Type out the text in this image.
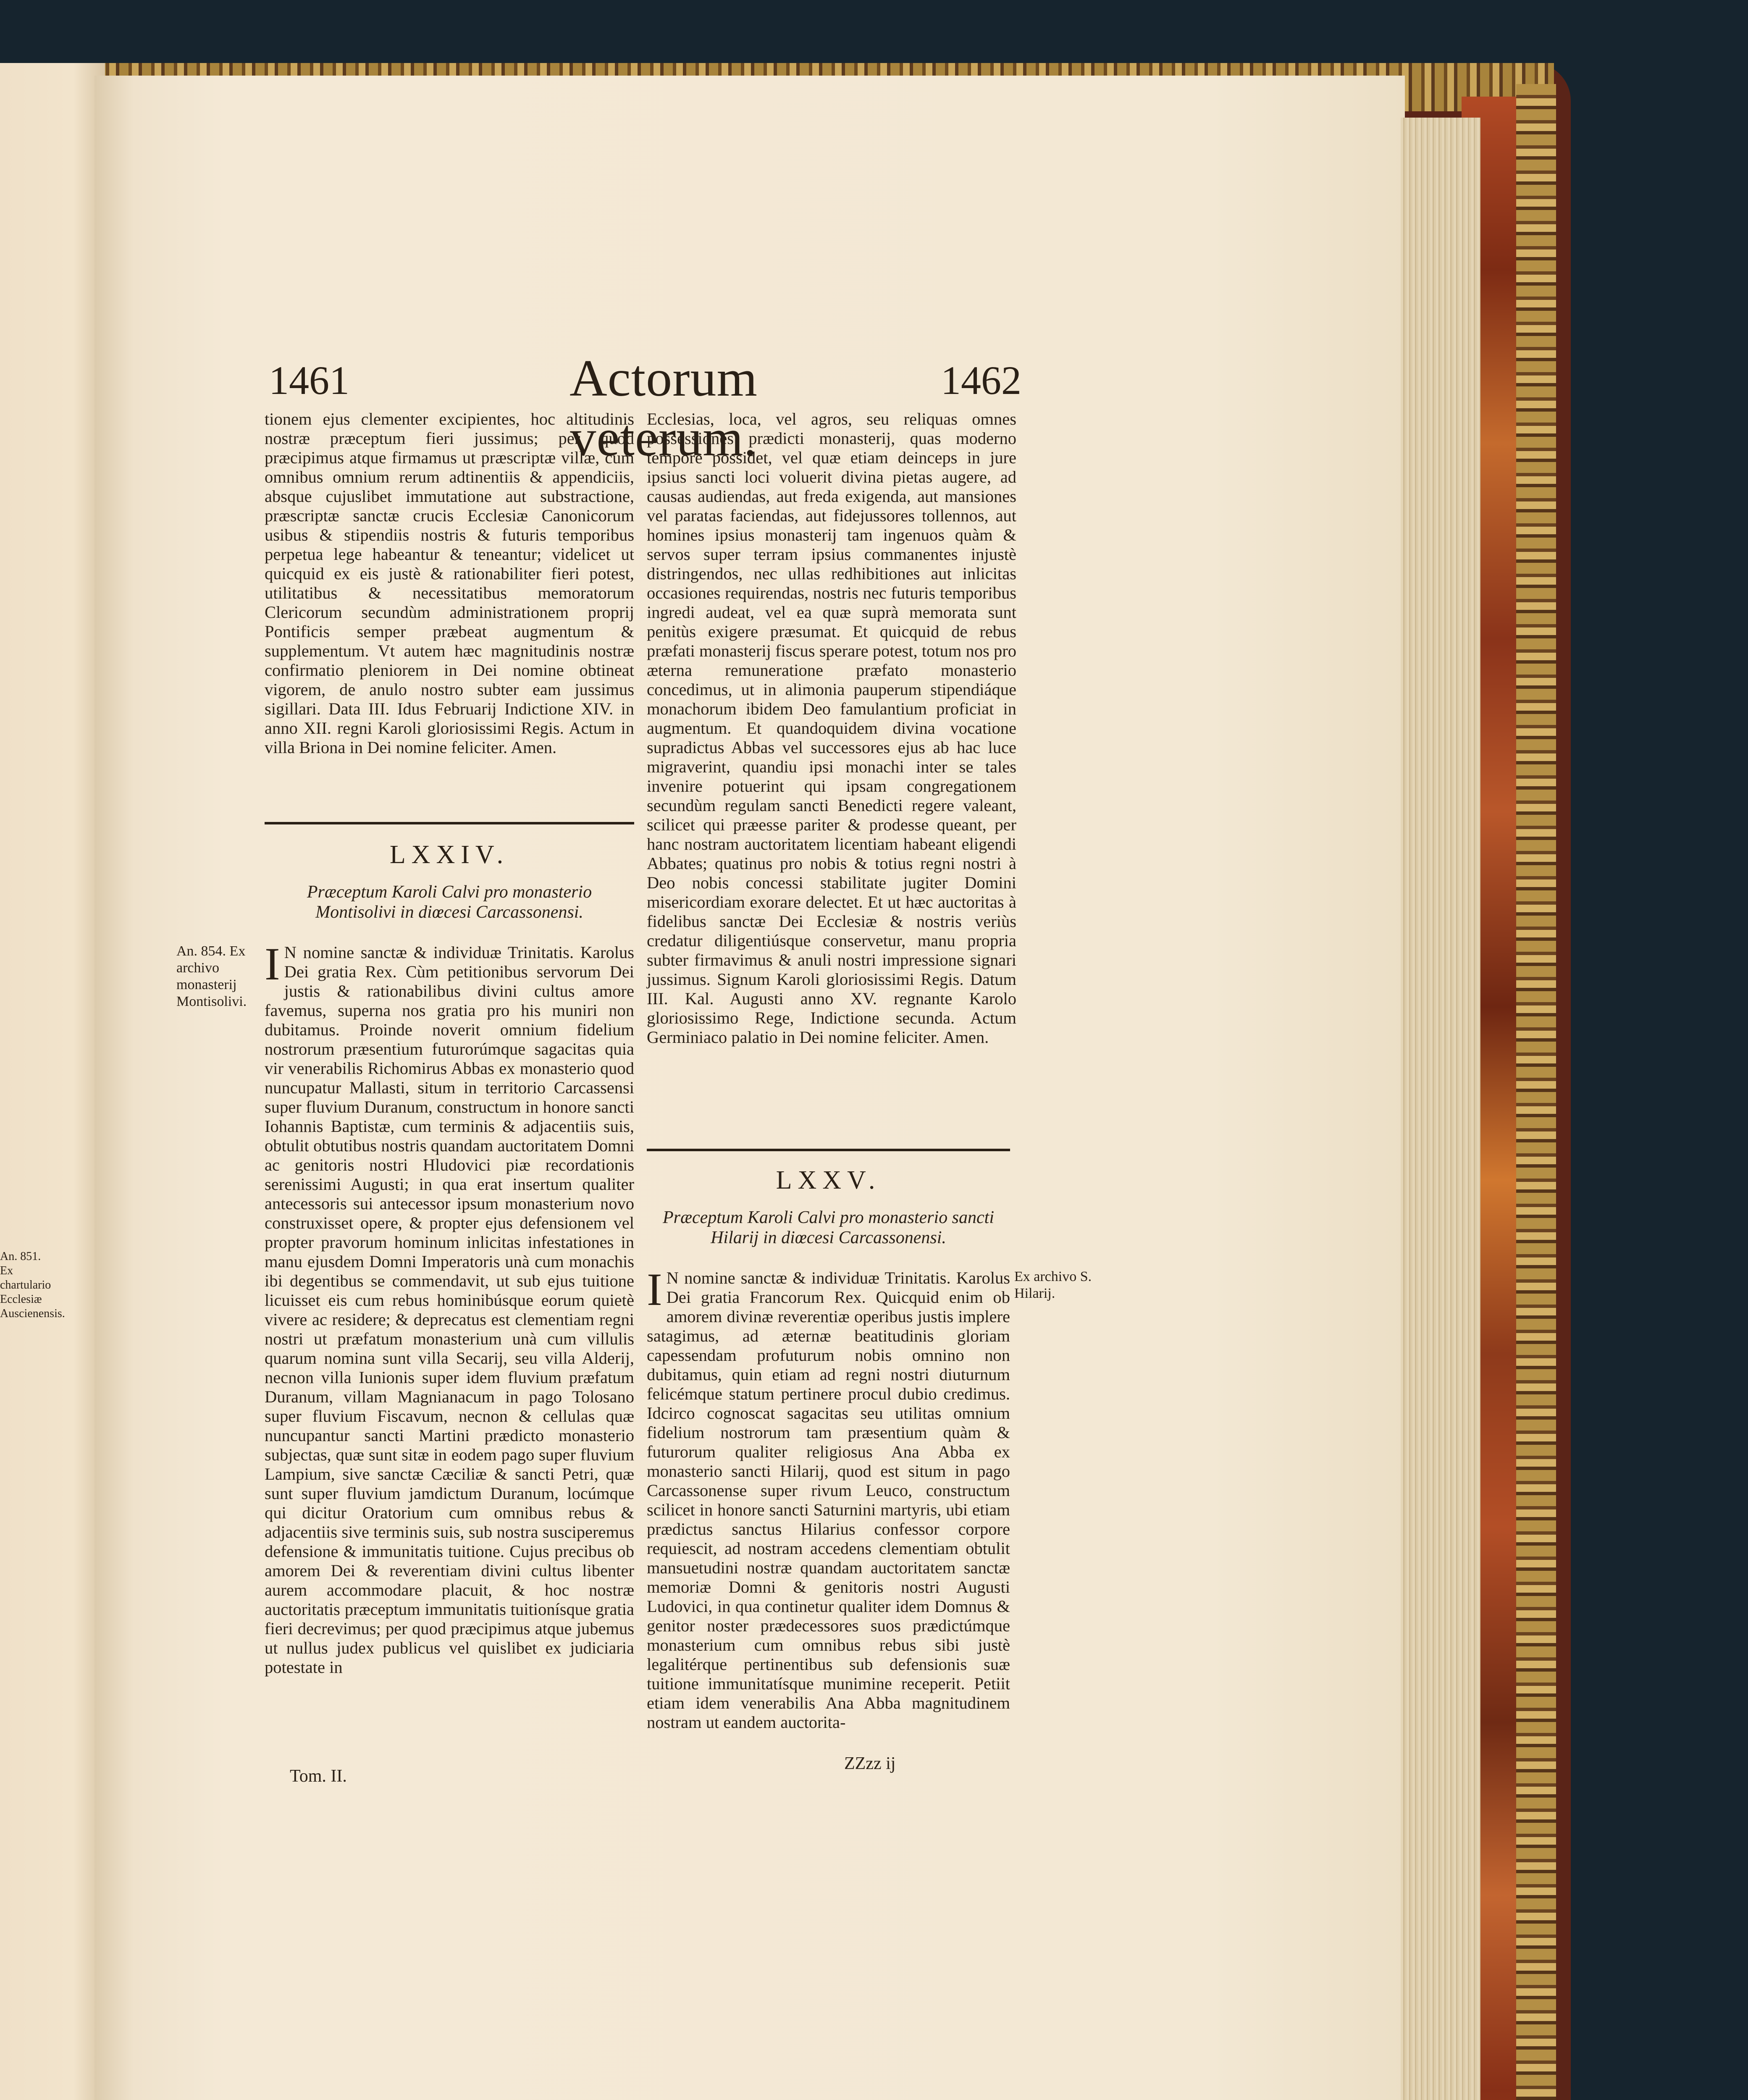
An. 851. Ex chartulario Ecclesiæ Auscienensis.
1461	Actorum veterum.
1462

tionem ejus clementer excipientes, hoc altitudinis nostræ præceptum fieri jussimus; per quod præcipimus atque firmamus ut præscriptæ villæ, cum omnibus omnium rerum adtinentiis & appendiciis, absque cujuslibet immutatione aut substractione, præscriptæ sanctæ crucis Ecclesiæ Canonicorum usibus & stipendiis nostris & futuris temporibus perpetua lege habeantur & teneantur; videlicet ut quicquid ex eis justè & rationabiliter fieri potest, utilitatibus & necessitatibus memoratorum Clericorum secundùm administrationem proprij Pontificis semper præbeat augmentum & supplementum. Vt autem hæc magnitudinis nostræ confirmatio pleniorem in Dei nomine obtineat vigorem, de anulo nostro subter eam jussimus sigillari. Data III. Idus Februarij Indictione XIV. in anno XII. regni Karoli gloriosissimi Regis. Actum in villa Briona in Dei nomine feliciter. Amen.

LXXIV.
Præceptum Karoli Calvi pro monasterio Montisolivi in diœcesi Carcassonensi.
An. 854. Ex archivo monasterij Montisolivi.

I N nomine sanctæ & individuæ Trinitatis. Karolus Dei gratia Rex. Cùm petitionibus servorum Dei justis & rationabilibus divini cultus amore favemus, superna nos gratia pro his muniri non dubitamus. Proinde noverit omnium fidelium nostrorum præsentium futurorúmque sagacitas quia vir venerabilis Richomirus Abbas ex monasterio quod nuncupatur Mallasti, situm in territorio Carcassensi super fluvium Duranum, constructum in honore sancti Iohannis Baptistæ, cum terminis & adjacentiis suis, obtulit obtutibus nostris quandam auctoritatem Domni ac genitoris nostri Hludovici piæ recordationis serenissimi Augusti; in qua erat insertum qualiter antecessoris sui antecessor ipsum monasterium novo construxisset opere, & propter ejus defensionem vel propter pravorum hominum inlicitas infestationes in manu ejusdem Domni Imperatoris unà cum monachis ibi degentibus se commendavit, ut sub ejus tuitione licuisset eis cum rebus hominibúsque eorum quietè vivere ac residere; & deprecatus est clementiam regni nostri ut præfatum monasterium unà cum villulis quarum nomina sunt villa Secarij, seu villa Alderij, necnon villa Iunionis super idem fluvium præfatum Duranum, villam Magnianacum in pago Tolosano super fluvium Fiscavum, necnon & cellulas quæ nuncupantur sancti Martini prædicto monasterio subjectas, quæ sunt sitæ in eodem pago super fluvium Lampium, sive sanctæ Cæciliæ & sancti Petri, quæ sunt super fluvium jamdictum Duranum, locúmque qui dicitur Oratorium cum omnibus rebus & adjacentiis sive terminis suis, sub nostra susciperemus defensione & immunitatis tuitione. Cujus precibus ob amorem Dei & reverentiam divini cultus libenter aurem accommodare placuit, & hoc nostræ auctoritatis præceptum immunitatis tuitionísque gratia fieri decrevimus; per quod præcipimus atque jubemus ut nullus judex publicus vel quislibet ex judiciaria potestate in

Tom. II.

Ecclesias, loca, vel agros, seu reliquas omnes possessiones prædicti monasterij, quas moderno tempore possidet, vel quæ etiam deinceps in jure ipsius sancti loci voluerit divina pietas augere, ad causas audiendas, aut freda exigenda, aut mansiones vel paratas faciendas, aut fidejussores tollennos, aut homines ipsius monasterij tam ingenuos quàm & servos super terram ipsius commanentes injustè distringendos, nec ullas redhibitiones aut inlicitas occasiones requirendas, nostris nec futuris temporibus ingredi audeat, vel ea quæ suprà memorata sunt penitùs exigere præsumat. Et quicquid de rebus præfati monasterij fiscus sperare potest, totum nos pro æterna remuneratione præfato monasterio concedimus, ut in alimonia pauperum stipendiáque monachorum ibidem Deo famulantium proficiat in augmentum. Et quandoquidem divina vocatione supradictus Abbas vel successores ejus ab hac luce migraverint, quandiu ipsi monachi inter se tales invenire potuerint qui ipsam congregationem secundùm regulam sancti Benedicti regere valeant, scilicet qui præesse pariter & prodesse queant, per hanc nostram auctoritatem licentiam habeant eligendi Abbates; quatinus pro nobis & totius regni nostri à Deo nobis concessi stabilitate jugiter Domini misericordiam exorare delectet. Et ut hæc auctoritas à fidelibus sanctæ Dei Ecclesiæ & nostris veriùs credatur diligentiúsque conservetur, manu propria subter firmavimus & anuli nostri impressione signari jussimus. Signum Karoli gloriosissimi Regis. Datum III. Kal. Augusti anno XV. regnante Karolo gloriosissimo Rege, Indictione secunda. Actum Germiniaco palatio in Dei nomine feliciter. Amen.

LXXV.
Præceptum Karoli Calvi pro monasterio sancti Hilarij in diœcesi Carcassonensi.
Ex archivo S. Hilarij.

I N nomine sanctæ & individuæ Trinitatis. Karolus Dei gratia Francorum Rex. Quicquid enim ob amorem divinæ reverentiæ operibus justis implere satagimus, ad æternæ beatitudinis gloriam capessendam profuturum nobis omnino non dubitamus, quin etiam ad regni nostri diuturnum felicémque statum pertinere procul dubio credimus. Idcirco cognoscat sagacitas seu utilitas omnium fidelium nostrorum tam præsentium quàm & futurorum qualiter religiosus Ana Abba ex monasterio sancti Hilarij, quod est situm in pago Carcassonense super rivum Leuco, constructum scilicet in honore sancti Saturnini martyris, ubi etiam prædictus sanctus Hilarius confessor corpore requiescit, ad nostram accedens clementiam obtulit mansuetudini nostræ quandam auctoritatem sanctæ memoriæ Domni & genitoris nostri Augusti Ludovici, in qua continetur qualiter idem Domnus & genitor noster prædecessores suos prædictúmque monasterium cum omnibus rebus sibi justè legalitérque pertinentibus sub defensionis suæ tuitione immunitatísque munimine receperit. Petiit etiam idem venerabilis Ana Abba magnitudinem nostram ut eandem auctorita-

ZZzz ij
